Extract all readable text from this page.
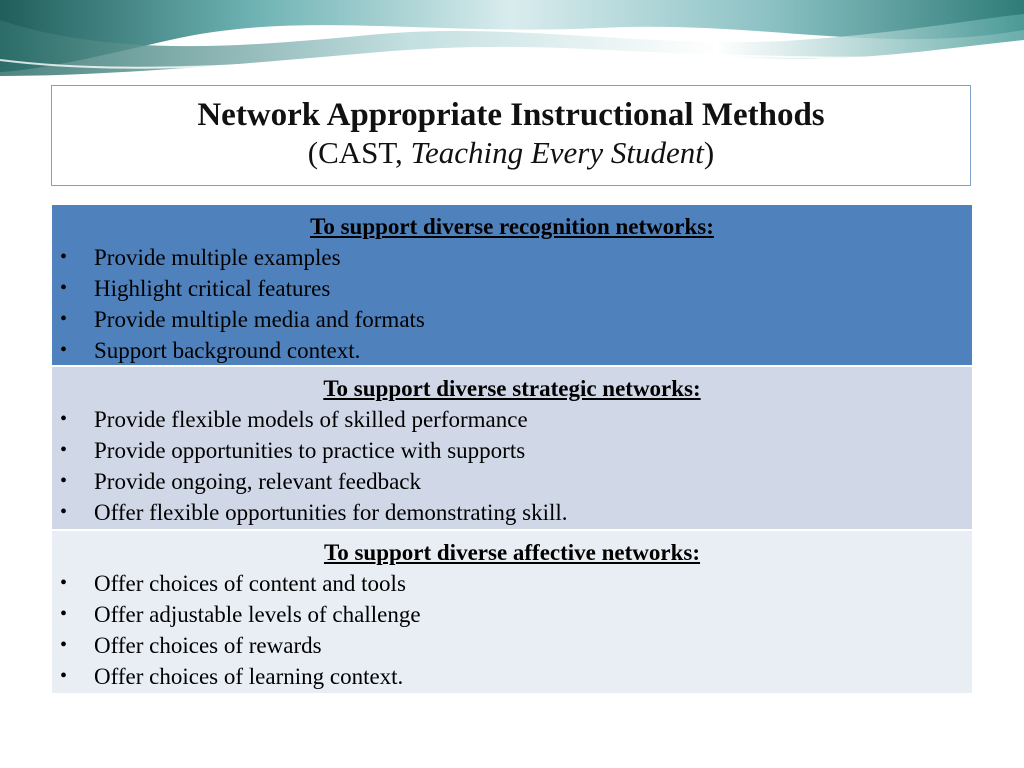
Network Appropriate Instructional Methods
(CAST, Teaching Every Student)
To support diverse recognition networks:
•	Provide multiple examples
•	Highlight critical features
•	Provide multiple media and formats
•	Support background context.
To support diverse strategic networks:
•	Provide flexible models of skilled performance
•	Provide opportunities to practice with supports
•	Provide ongoing, relevant feedback
•	Offer flexible opportunities for demonstrating skill.
To support diverse affective networks:
•	Offer choices of content and tools
•	Offer adjustable levels of challenge
•	Offer choices of rewards
•	Offer choices of learning context.
